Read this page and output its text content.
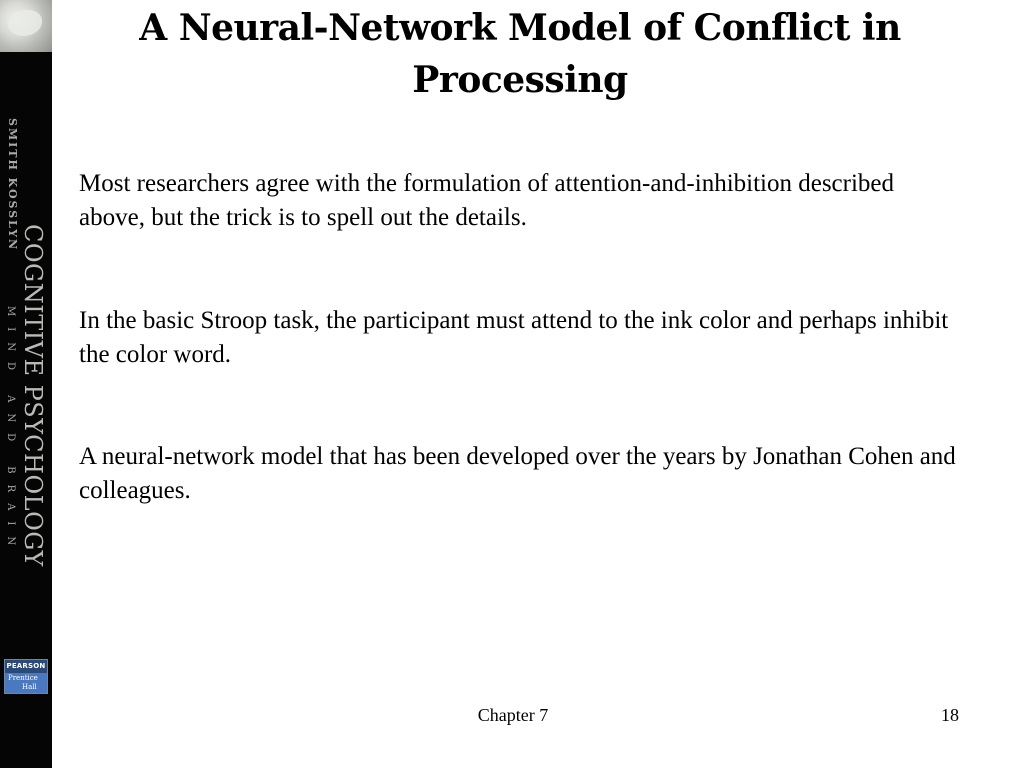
SMITH KOSSLYN
COGNITIVE PSYCHOLOGY
MIND AND BRAIN
PEARSON
Prentice
Hall
A Neural-Network Model of Conflict in Processing
Most researchers agree with the formulation of attention-and-inhibition described above, but the trick is to spell out the details.
In the basic Stroop task, the participant must attend to the ink color and perhaps inhibit the color word.
A neural-network model that has been developed over the years by Jonathan Cohen and colleagues.
Chapter 7	18
